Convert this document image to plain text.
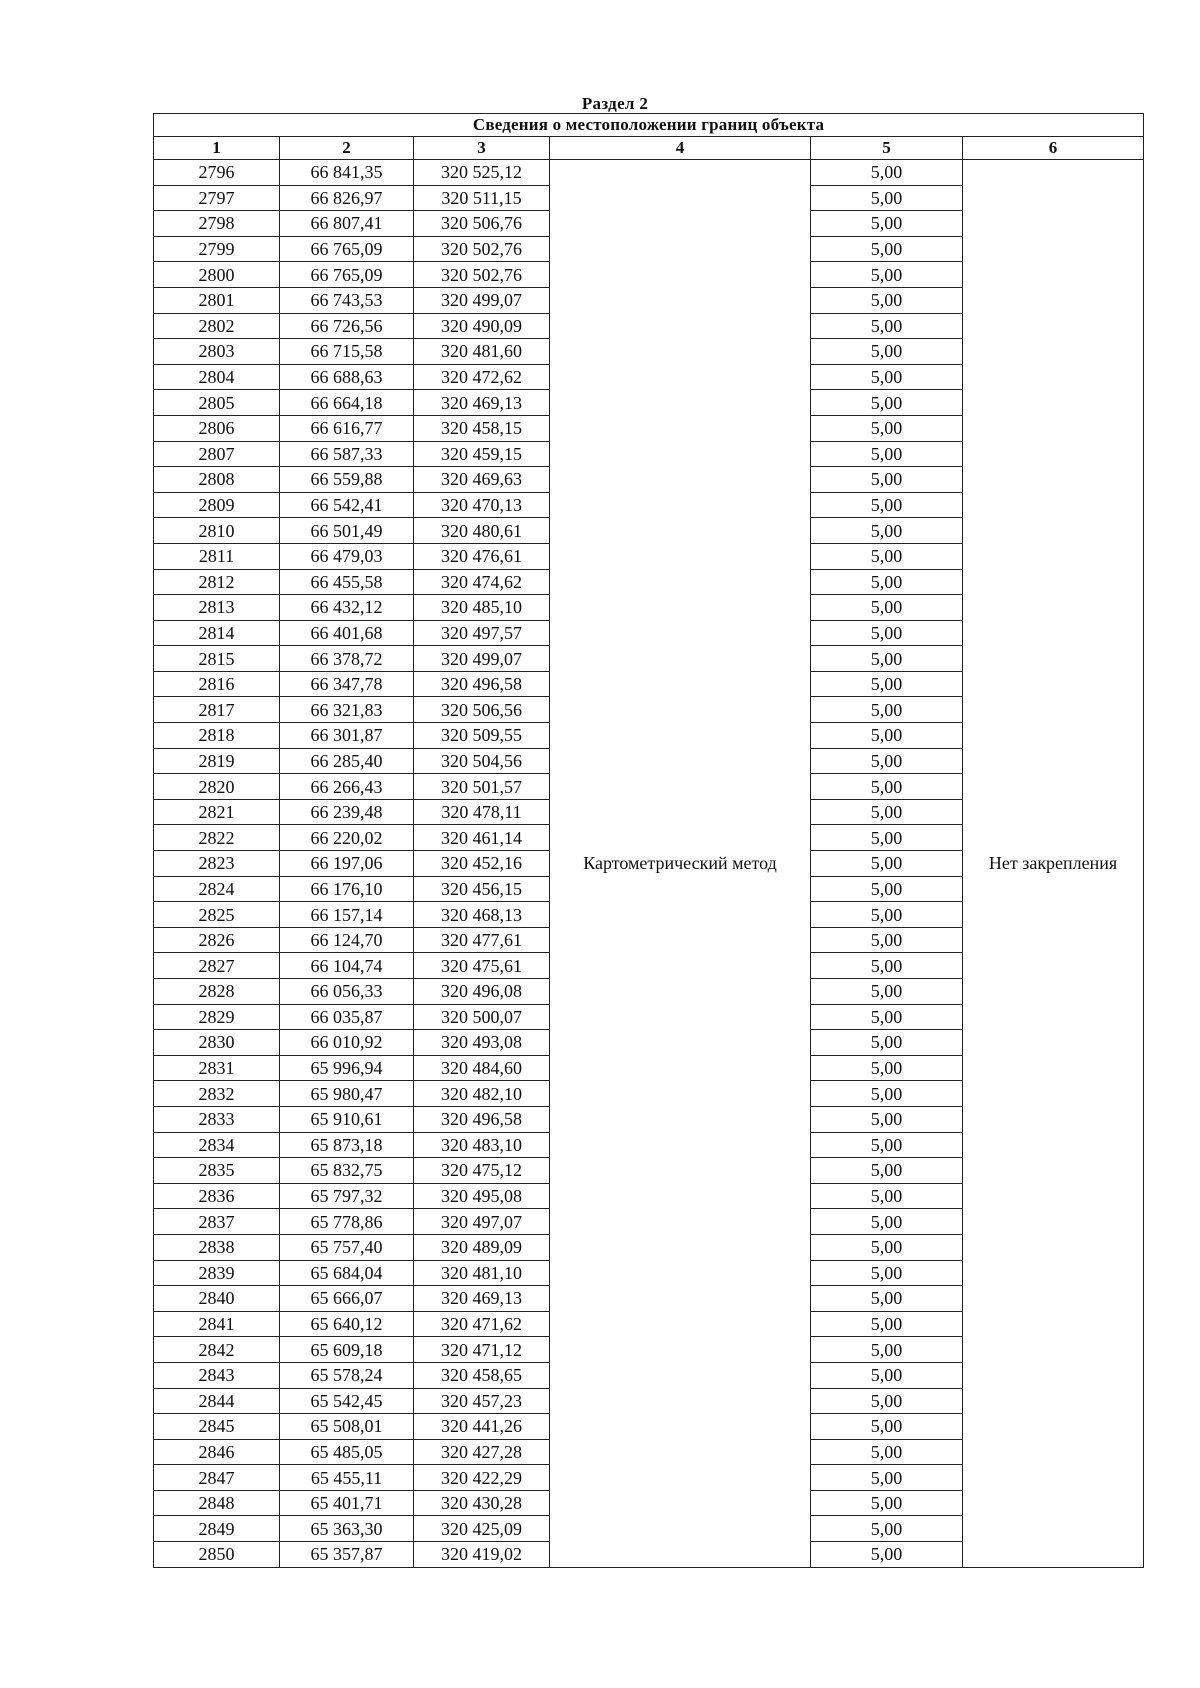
Раздел 2
Сведения о местоположении границ объекта					
1	2	3	4	5	6
2796	66 841,35	320 525,12	Картометрический метод	5,00	Нет закрепления
2797	66 826,97	320 511,15		5,00	
2798	66 807,41	320 506,76		5,00	
2799	66 765,09	320 502,76		5,00	
2800	66 765,09	320 502,76		5,00	
2801	66 743,53	320 499,07		5,00	
2802	66 726,56	320 490,09		5,00	
2803	66 715,58	320 481,60		5,00	
2804	66 688,63	320 472,62		5,00	
2805	66 664,18	320 469,13		5,00	
2806	66 616,77	320 458,15		5,00	
2807	66 587,33	320 459,15		5,00	
2808	66 559,88	320 469,63		5,00	
2809	66 542,41	320 470,13		5,00	
2810	66 501,49	320 480,61		5,00	
2811	66 479,03	320 476,61		5,00	
2812	66 455,58	320 474,62		5,00	
2813	66 432,12	320 485,10		5,00	
2814	66 401,68	320 497,57		5,00	
2815	66 378,72	320 499,07		5,00	
2816	66 347,78	320 496,58		5,00	
2817	66 321,83	320 506,56		5,00	
2818	66 301,87	320 509,55		5,00	
2819	66 285,40	320 504,56		5,00	
2820	66 266,43	320 501,57		5,00	
2821	66 239,48	320 478,11		5,00	
2822	66 220,02	320 461,14		5,00	
2823	66 197,06	320 452,16		5,00	
2824	66 176,10	320 456,15		5,00	
2825	66 157,14	320 468,13		5,00	
2826	66 124,70	320 477,61		5,00	
2827	66 104,74	320 475,61		5,00	
2828	66 056,33	320 496,08		5,00	
2829	66 035,87	320 500,07		5,00	
2830	66 010,92	320 493,08		5,00	
2831	65 996,94	320 484,60		5,00	
2832	65 980,47	320 482,10		5,00	
2833	65 910,61	320 496,58		5,00	
2834	65 873,18	320 483,10		5,00	
2835	65 832,75	320 475,12		5,00	
2836	65 797,32	320 495,08		5,00	
2837	65 778,86	320 497,07		5,00	
2838	65 757,40	320 489,09		5,00	
2839	65 684,04	320 481,10		5,00	
2840	65 666,07	320 469,13		5,00	
2841	65 640,12	320 471,62		5,00	
2842	65 609,18	320 471,12		5,00	
2843	65 578,24	320 458,65		5,00	
2844	65 542,45	320 457,23		5,00	
2845	65 508,01	320 441,26		5,00	
2846	65 485,05	320 427,28		5,00	
2847	65 455,11	320 422,29		5,00	
2848	65 401,71	320 430,28		5,00	
2849	65 363,30	320 425,09		5,00	
2850	65 357,87	320 419,02		5,00	
